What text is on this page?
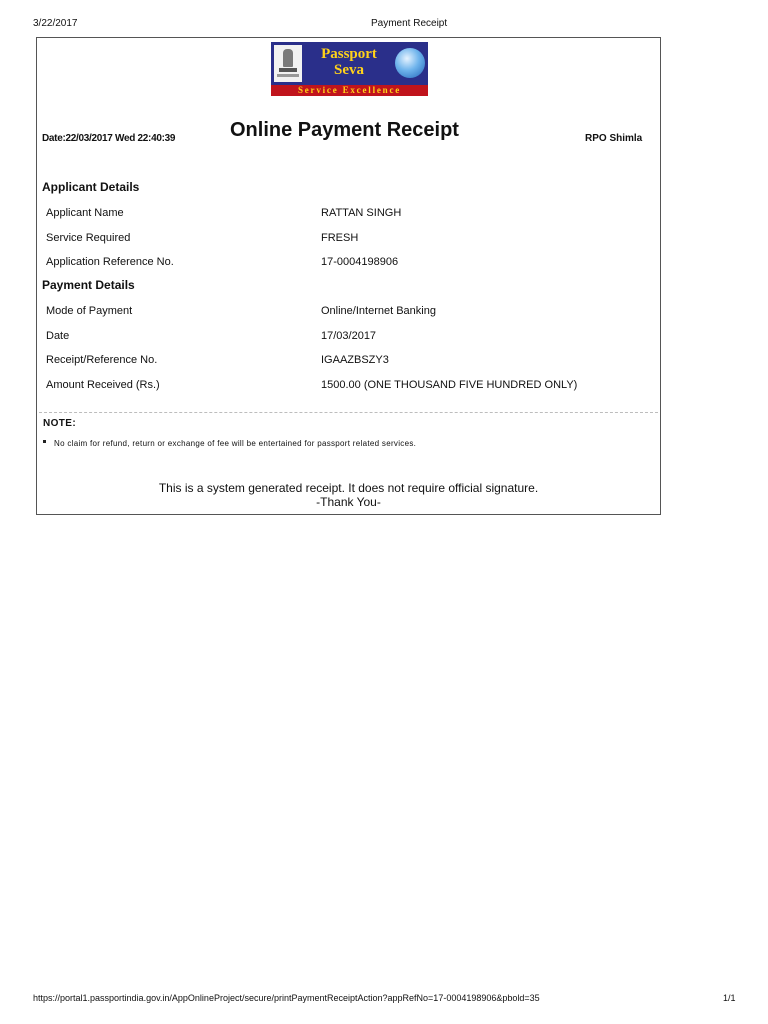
3/22/2017	Payment Receipt
Passport
Seva
Service Excellence
Date:22/03/2017 Wed 22:40:39	Online Payment Receipt	RPO Shimla
Applicant Details
Applicant Name	RATTAN SINGH
Service Required	FRESH
Application Reference No.	17-0004198906
Payment Details
Mode of Payment	Online/Internet Banking
Date	17/03/2017
Receipt/Reference No.	IGAAZBSZY3
Amount Received (Rs.)	1500.00 (ONE THOUSAND FIVE HUNDRED ONLY)
NOTE:
No claim for refund, return or exchange of fee will be entertained for passport related services.
This is a system generated receipt. It does not require official signature.
-Thank You-
https://portal1.passportindia.gov.in/AppOnlineProject/secure/printPaymentReceiptAction?appRefNo=17-0004198906&pbold=35	1/1
